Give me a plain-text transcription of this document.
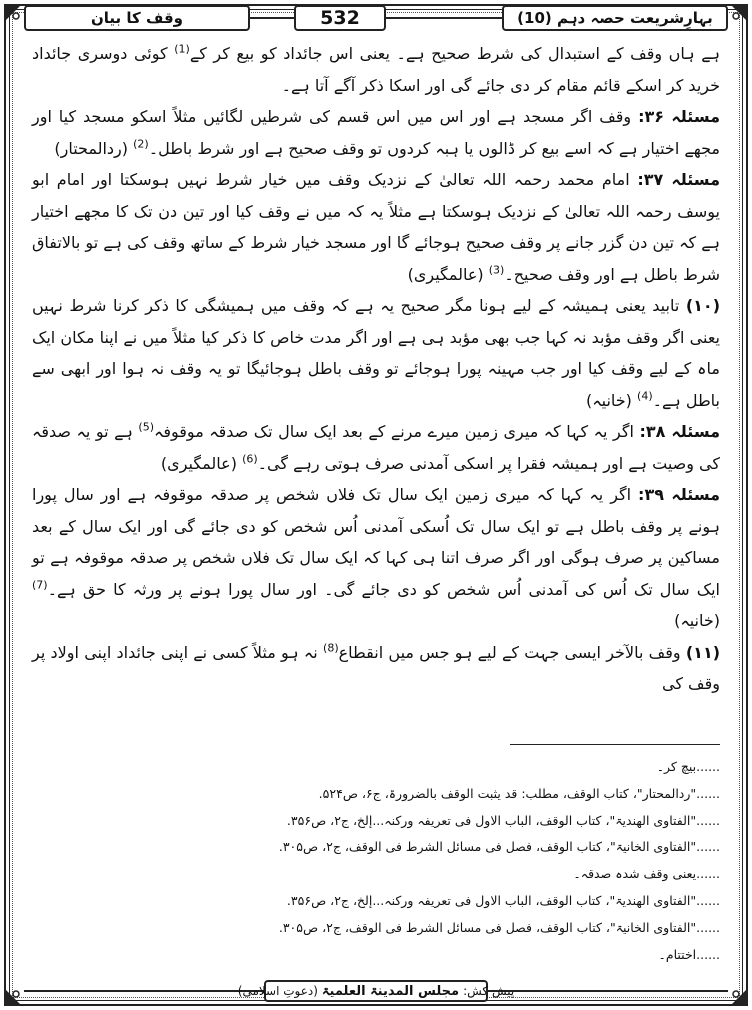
وقف کا بیان	532	بہارِشریعت حصہ دہم (10)

ہے ہاں وقف کے استبدال کی شرط صحیح ہے۔ یعنی اس جائداد کو بیع کر کے$^{(1)}$ کوئی دوسری جائداد خرید کر اسکے قائم مقام کر دی جائے گی اور اسکا ذکر آگے آتا ہے۔

مسئلہ ۳۶: وقف اگر مسجد ہے اور اس میں اس قسم کی شرطیں لگائیں مثلاً اسکو مسجد کیا اور مجھے اختیار ہے کہ اسے بیع کر ڈالوں یا ہبہ کردوں تو وقف صحیح ہے اور شرط باطل۔$^{(2)}$ (ردالمحتار)

مسئلہ ۳۷: امام محمد رحمہ اللہ تعالیٰ کے نزدیک وقف میں خیار شرط نہیں ہوسکتا اور امام ابو یوسف رحمہ اللہ تعالیٰ کے نزدیک ہوسکتا ہے مثلاً یہ کہ میں نے وقف کیا اور تین دن تک کا مجھے اختیار ہے کہ تین دن گزر جانے پر وقف صحیح ہوجائے گا اور مسجد خیار شرط کے ساتھ وقف کی ہے تو بالاتفاق شرط باطل ہے اور وقف صحیح۔$^{(3)}$ (عالمگیری)

(۱۰) تابید یعنی ہمیشہ کے لیے ہونا مگر صحیح یہ ہے کہ وقف میں ہمیشگی کا ذکر کرنا شرط نہیں یعنی اگر وقف مؤبد نہ کہا جب بھی مؤبد ہی ہے اور اگر مدت خاص کا ذکر کیا مثلاً میں نے اپنا مکان ایک ماہ کے لیے وقف کیا اور جب مہینہ پورا ہوجائے تو وقف باطل ہوجائیگا تو یہ وقف نہ ہوا اور ابھی سے باطل ہے۔$^{(4)}$ (خانیہ)

مسئلہ ۳۸: اگر یہ کہا کہ میری زمین میرے مرنے کے بعد ایک سال تک صدقہ موقوفہ$^{(5)}$ ہے تو یہ صدقہ کی وصیت ہے اور ہمیشہ فقرا پر اسکی آمدنی صرف ہوتی رہے گی۔$^{(6)}$ (عالمگیری)

مسئلہ ۳۹: اگر یہ کہا کہ میری زمین ایک سال تک فلاں شخص پر صدقہ موقوفہ ہے اور سال پورا ہونے پر وقف باطل ہے تو ایک سال تک اُسکی آمدنی اُس شخص کو دی جائے گی اور ایک سال کے بعد مساکین پر صرف ہوگی اور اگر صرف اتنا ہی کہا کہ ایک سال تک فلاں شخص پر صدقہ موقوفہ ہے تو ایک سال تک اُس کی آمدنی اُس شخص کو دی جائے گی۔ اور سال پورا ہونے پر ورثہ کا حق ہے۔$^{(7)}$ (خانیہ)

(۱۱) وقف بالآخر ایسی جہت کے لیے ہو جس میں انقطاع$^{(8)}$ نہ ہو مثلاً کسی نے اپنی جائداد اپنی اولاد پر وقف کی

......بیچ کر۔
......"ردالمحتار"، کتاب الوقف، مطلب: قد یثبت الوقف بالضرورۃ، ج۶، ص۵۲۴.
......"الفتاوی الھندیۃ"، کتاب الوقف، الباب الاول فی تعریفہ ورکنہ...إلخ، ج۲، ص۳۵۶.
......"الفتاوی الخانیۃ"، کتاب الوقف، فصل فی مسائل الشرط فی الوقف، ج۲، ص۳۰۵.
......یعنی وقف شدہ صدقہ۔
......"الفتاوی الھندیۃ"، کتاب الوقف، الباب الاول فی تعریفہ ورکنہ...إلخ، ج۲، ص۳۵۶.
......"الفتاوی الخانیۃ"، کتاب الوقف، فصل فی مسائل الشرط فی الوقف، ج۲، ص۳۰۵.
......اختتام۔
پیش کش:
مجلس المدینۃ العلمیۃ
(دعوتِ اسلامی)
